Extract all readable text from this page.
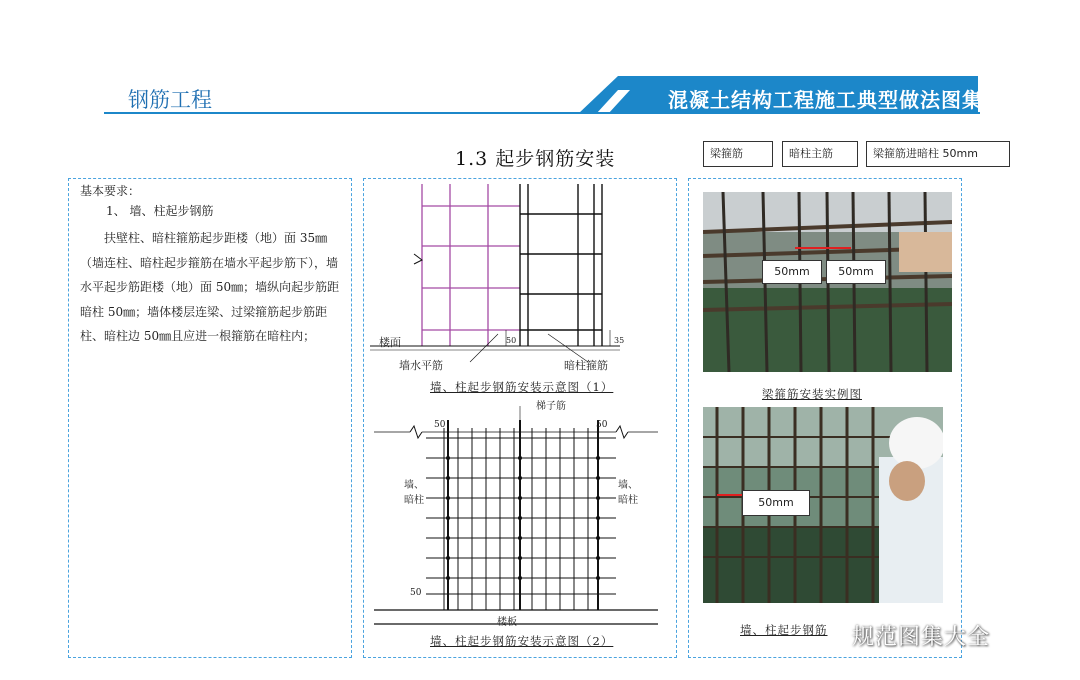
钢筋工程	混凝土结构工程施工典型做法图集
1.3 起步钢筋安装
基本要求：
1、 墙、柱起步钢筋
扶壁柱、暗柱箍筋起步距楼（地）面 35㎜（墙连柱、暗柱起步箍筋在墙水平起步筋下），墙水平起步筋距楼（地）面 50㎜；墙纵向起步筋距暗柱 50㎜；墙体楼层连梁、过梁箍筋起步筋距柱、暗柱边 50㎜且应进一根箍筋在暗柱内；	楼面
墙水平筋	暗柱箍筋
50	35
墙、柱起步钢筋安装示意图（1）
梯子筋
50	50
50
墙、暗柱
墙、暗柱
楼板
墙、柱起步钢筋安装示意图（2）
梁箍筋	暗柱主筋	梁箍筋进暗柱 50mm
50mm	50mm
梁箍筋安装实例图
50mm
墙、柱起步钢筋 规范图集大全
